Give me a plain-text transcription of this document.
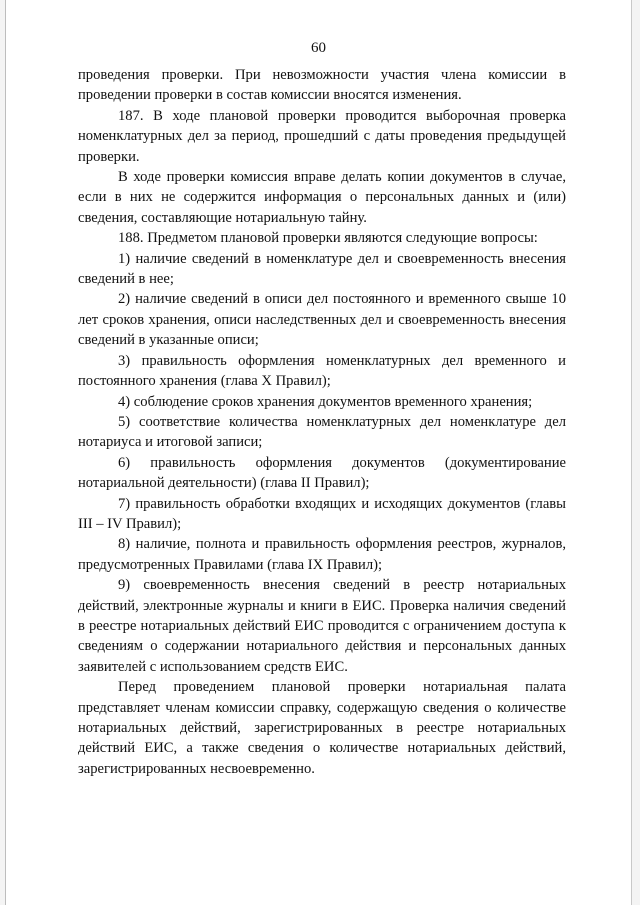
60

проведения проверки. При невозможности участия члена комиссии в проведении проверки в состав комиссии вносятся изменения.

187. В ходе плановой проверки проводится выборочная проверка номенклатурных дел за период, прошедший с даты проведения предыдущей проверки.

В ходе проверки комиссия вправе делать копии документов в случае, если в них не содержится информация о персональных данных и (или) сведения, составляющие нотариальную тайну.

188. Предметом плановой проверки являются следующие вопросы:

1) наличие сведений в номенклатуре дел и своевременность внесения сведений в нее;

2) наличие сведений в описи дел постоянного и временного свыше 10 лет сроков хранения, описи наследственных дел и своевременность внесения сведений в указанные описи;

3) правильность оформления номенклатурных дел временного и постоянного хранения (глава X Правил);

4) соблюдение сроков хранения документов временного хранения;

5) соответствие количества номенклатурных дел номенклатуре дел нотариуса и итоговой записи;

6) правильность оформления документов (документирование нотариальной деятельности) (глава II Правил);

7) правильность обработки входящих и исходящих документов (главы III – IV Правил);

8) наличие, полнота и правильность оформления реестров, журналов, предусмотренных Правилами (глава IX Правил);

9) своевременность внесения сведений в реестр нотариальных действий, электронные журналы и книги в ЕИС. Проверка наличия сведений в реестре нотариальных действий ЕИС проводится с ограничением доступа к сведениям о содержании нотариального действия и персональных данных заявителей с использованием средств ЕИС.

Перед проведением плановой проверки нотариальная палата представляет членам комиссии справку, содержащую сведения о количестве нотариальных действий, зарегистрированных в реестре нотариальных действий ЕИС, а также сведения о количестве нотариальных действий, зарегистрированных несвоевременно.
